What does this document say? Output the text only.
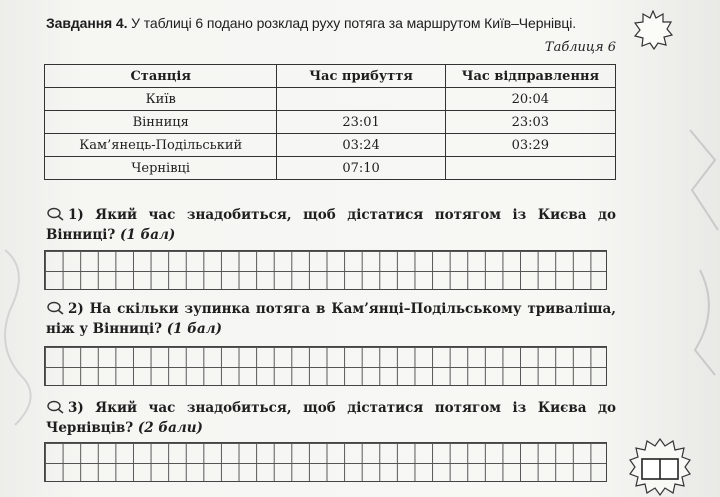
Завдання 4. У таблиці 6 подано розклад руху потяга за маршрутом Київ–Чернівці.
Таблиця 6
Станція	Час прибуття	Час відправлення
Київ		20:04
Вінниця	23:01	23:03
Кам’янець-Подільський	03:24	03:29
Чернівці	07:10	
1) Який час знадобиться, щоб дістатися потягом із Києва до Вінниці? (1 бал)
2) На скільки зупинка потяга в Кам’янці–Подільському триваліша, ніж у Вінниці? (1 бал)
3) Який час знадобиться, щоб дістатися потягом із Києва до Чернівців? (2 бали)
